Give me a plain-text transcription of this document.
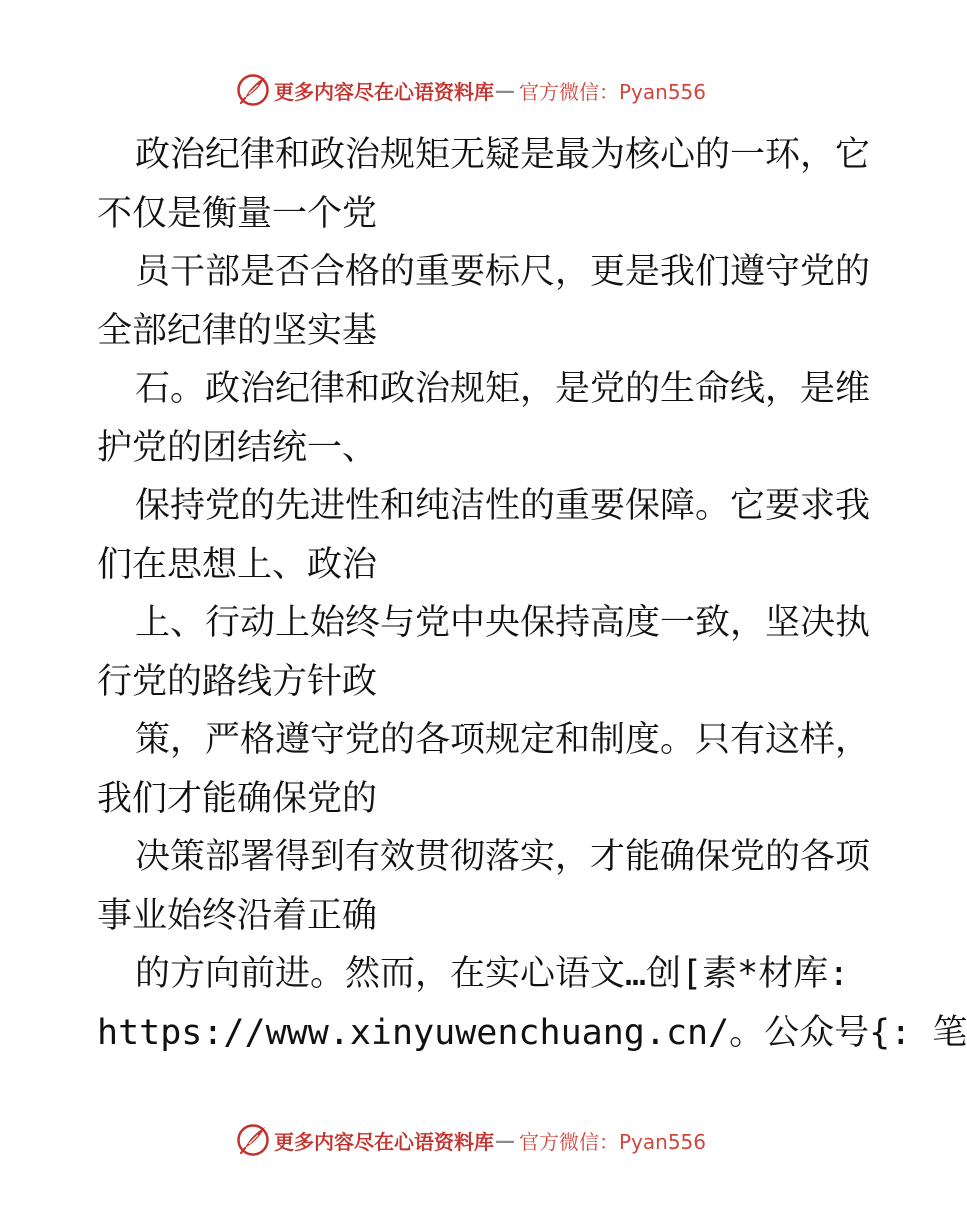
更多内容尽在心语资料库 — 官方微信：Pyan556
政治纪律和政治规矩无疑是最为核心的一环，它
不仅是衡量一个党
员干部是否合格的重要标尺，更是我们遵守党的
全部纪律的坚实基
石。政治纪律和政治规矩，是党的生命线，是维
护党的团结统一、
保持党的先进性和纯洁性的重要保障。它要求我
们在思想上、政治
上、行动上始终与党中央保持高度一致，坚决执
行党的路线方针政
策，严格遵守党的各项规定和制度。只有这样，
我们才能确保党的
决策部署得到有效贯彻落实，才能确保党的各项
事业始终沿着正确
的方向前进。然而，在实心语文…创[素*材库:
https://www.xinyuwenchuang.cn/。公众号{: 笔
更多内容尽在心语资料库 — 官方微信：Pyan556
